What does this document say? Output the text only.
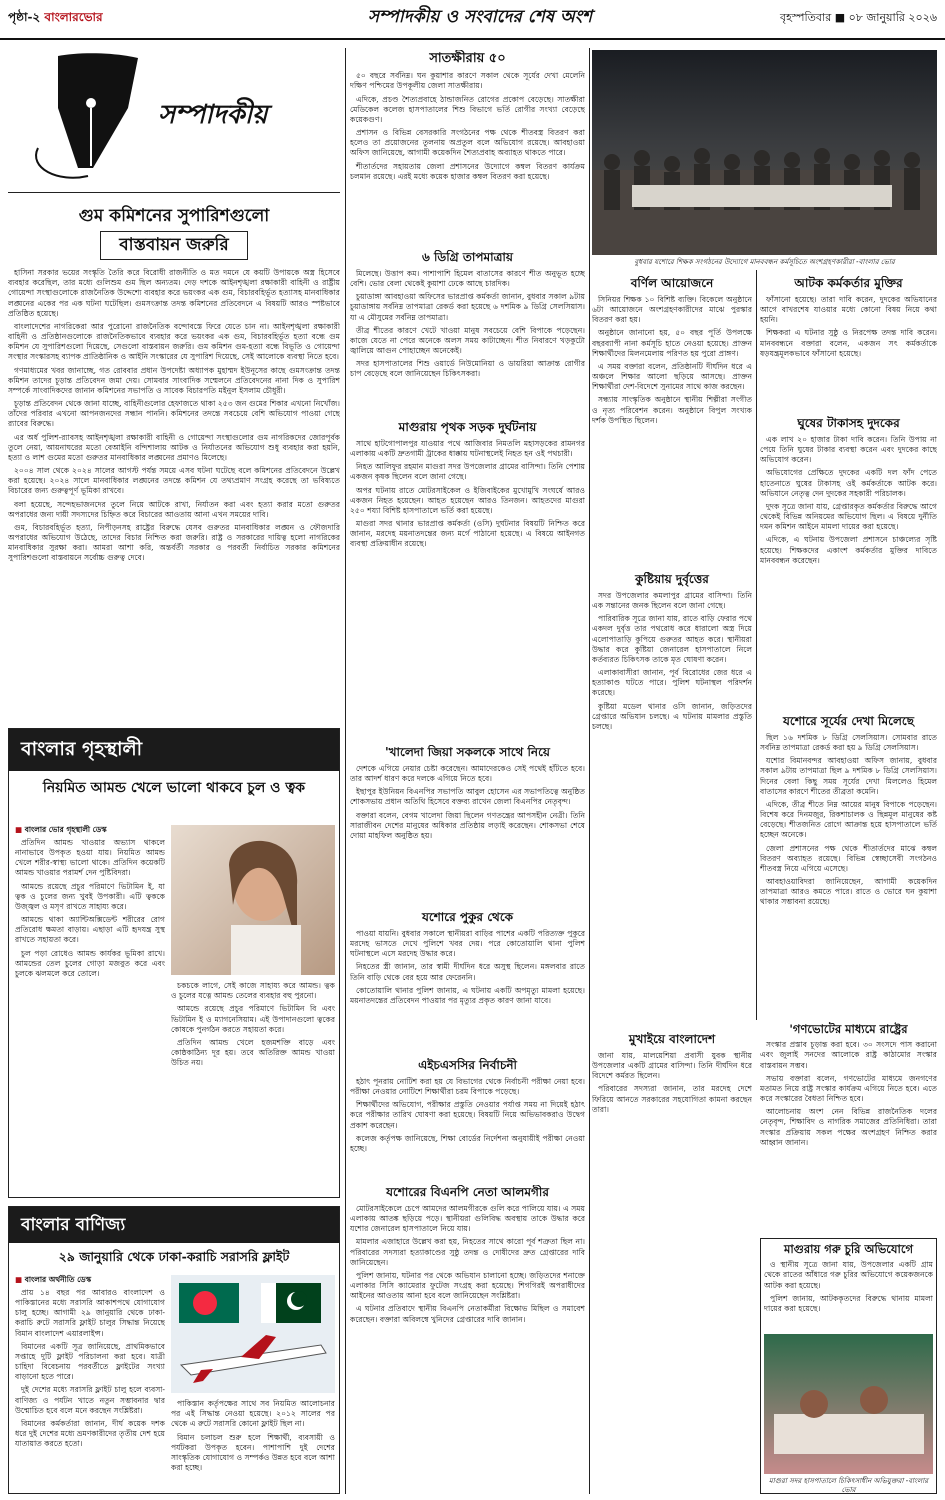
পৃষ্ঠা-২ বাংলারভোর	সম্পাদকীয় ও সংবাদের শেষ অংশ	বৃহস্পতিবার ■ ০৮ জানুয়ারি ২০২৬
সম্পাদকীয়
গুম কমিশনের সুপারিশগুলো
বাস্তবায়ন জরুরি

হাসিনা সরকার ভয়ের সংস্কৃতি তৈরি করে বিরোধী রাজনীতি ও মত দমনে যে কয়টি উপায়কে অস্ত্র হিসেবে ব্যবহার করেছিল, তার মধ্যে গুলিশুম গুম ছিল অন্যতম। দেড় দশকে আইনশৃঙ্খলা রক্ষাকারী বাহিনী ও রাষ্ট্রীয় গোয়েন্দা সংস্থাগুলোকে রাজনৈতিক উদ্দেশ্যে ব্যবহার করে ভয়ংকর এক গুম, বিচারবহির্ভূত হত্যাসহ মানবাধিকার লঙ্ঘনের একের পর এক ঘটনা ঘটেছিল। গুমসংক্রান্ত তদন্ত কমিশনের প্রতিবেদনে এ বিষয়টি আরও স্পষ্টভাবে প্রতিষ্ঠিত হয়েছে।

বাংলাদেশের নাগরিকেরা আর পুরোনো রাজনৈতিক বন্দোবস্তে ফিরে যেতে চান না। আইনশৃঙ্খলা রক্ষাকারী বাহিনী ও প্রতিষ্ঠানগুলোকে রাজনৈতিকভাবে ব্যবহার করে ভয়ংকর এক গুম, বিচারবহির্ভূত হত্যা বন্ধে গুম কমিশন যে সুপারিশগুলো দিয়েছে, সেগুলো বাস্তবায়ন জরুরি। গুম কমিশন গুম-হত্যা বন্ধে বিভূতি ও গোয়েন্দা সংস্থার সংস্কারসহ ব্যাপক প্রাতিষ্ঠানিক ও আইনি সংস্কারের যে সুপারিশ দিয়েছে, সেই আলোকে ব্যবস্থা নিতে হবে।

গণমাধ্যমের খবর জানাচ্ছে, গত রোববার প্রধান উপদেষ্টা অধ্যাপক মুহাম্মদ ইউনূসের কাছে গুমসংক্রান্ত তদন্ত কমিশন তাদের চূড়ান্ত প্রতিবেদন জমা দেয়। সোমবার সাংবাদিক সম্মেলনে প্রতিবেদনের নানা দিক ও সুপারিশ সম্পর্কে সাংবাদিকদের জানান কমিশনের সভাপতি ও সাবেক বিচারপতি মইনুল ইসলাম চৌধুরী।

চূড়ান্ত প্রতিবেদন থেকে জানা যাচ্ছে, বাহিনীগুলোর হেফাজতে থাকা ২৫৩ জন গুমের শিকার এখনো নিখোঁজ। তাঁদের পরিবার এখনো আপনজনদের সন্ধান পাননি। কমিশনের তদন্তে সবচেয়ে বেশি অভিযোগ পাওয়া গেছে র‍্যাবের বিরুদ্ধে।

এর অর্ধ পুলিশ-র‍্যাবসহ আইনশৃঙ্খলা রক্ষাকারী বাহিনী ও গোয়েন্দা সংস্থাগুলোর গুম নাগরিকদের জোরপূর্বক তুলে নেয়া, আয়নাঘরের মতো বেআইনি বন্দিশালায় আটক ও নির্যাতনের অভিযোগ শুধু ব্যবহার করা হয়নি, হত্যা ও লাশ গুমের মতো গুরুতর মানবাধিকার লঙ্ঘনের প্রমাণও মিলেছে।

২০০৪ সাল থেকে ২০২৪ সালের আগস্ট পর্যন্ত সময়ে এসব ঘটনা ঘটেছে বলে কমিশনের প্রতিবেদনে উল্লেখ করা হয়েছে। ২০২৪ সালে মানবাধিকার লঙ্ঘনের তদন্তে কমিশন যে তথ্যপ্রমাণ সংগ্রহ করেছে তা ভবিষ্যতে বিচারের জন্য গুরুত্বপূর্ণ ভূমিকা রাখবে।

বলা হয়েছে, সন্দেহভাজনদের তুলে নিয়ে আটকে রাখা, নির্যাতন করা এবং হত্যা করার মতো গুরুতর অপরাধের জন্য দায়ী সদস্যদের চিহ্নিত করে বিচারের আওতায় আনা এখন সময়ের দাবি।

গুম, বিচারবহির্ভূত হত্যা, নিপীড়নসহ রাষ্ট্রের বিরুদ্ধে যেসব গুরুতর মানবাধিকার লঙ্ঘন ও ফৌজদারি অপরাধের অভিযোগ উঠেছে, তাদের বিচার নিশ্চিত করা জরুরি। রাষ্ট্র ও সরকারের দায়িত্ব হলো নাগরিকের মানবাধিকার সুরক্ষা করা। আমরা আশা করি, অন্তর্বর্তী সরকার ও পরবর্তী নির্বাচিত সরকার কমিশনের সুপারিশগুলো বাস্তবায়নে সর্বোচ্চ গুরুত্ব দেবে।

বাংলার গৃহস্থালী
নিয়মিত আমন্ড খেলে ভালো থাকবে চুল ও ত্বক
■ বাংলার ভোর গৃহস্থালী ডেস্ক

প্রতিদিন আমন্ড খাওয়ার অভ্যাস থাকলে নানাভাবে উপকৃত হওয়া যায়। নিয়মিত আমন্ড খেলে শরীর-স্বাস্থ্য ভালো থাকে। প্রতিদিন কয়েকটি আমন্ড খাওয়ার পরামর্শ দেন পুষ্টিবিদরা।

আমন্ডে রয়েছে প্রচুর পরিমাণে ভিটামিন ই, যা ত্বক ও চুলের জন্য খুবই উপকারী। এটি ত্বককে উজ্জ্বল ও মসৃণ রাখতে সাহায্য করে।

আমন্ডে থাকা অ্যান্টিঅক্সিডেন্ট শরীরের রোগ প্রতিরোধ ক্ষমতা বাড়ায়। এছাড়া এটি হৃদযন্ত্র সুস্থ রাখতে সহায়তা করে।

চুল পড়া রোধেও আমন্ড কার্যকর ভূমিকা রাখে। আমন্ডের তেল চুলের গোড়া মজবুত করে এবং চুলকে ঝলমলে করে তোলে।

চকচকে লাগে, সেই কাজে সাহায্য করে আমন্ড। ত্বক ও চুলের যত্নে আমন্ড তেলের ব্যবহার বহু পুরনো।

আমন্ডে রয়েছে প্রচুর পরিমাণে ভিটামিন বি এবং ভিটামিন ই ও ম্যাগনেসিয়াম। এই উপাদানগুলো ত্বকের কোষকে পুনর্গঠন করতে সহায়তা করে।

প্রতিদিন আমন্ড খেলে হজমশক্তি বাড়ে এবং কোষ্ঠকাঠিন্য দূর হয়। তবে অতিরিক্ত আমন্ড খাওয়া উচিত নয়।

বাংলার বাণিজ্য
২৯ জানুয়ারি থেকে ঢাকা-করাচি সরাসরি ফ্লাইট
■ বাংলার অর্থনীতি ডেস্ক

প্রায় ১৪ বছর পর আবারও বাংলাদেশ ও পাকিস্তানের মধ্যে সরাসরি আকাশপথে যোগাযোগ চালু হচ্ছে। আগামী ২৯ জানুয়ারি থেকে ঢাকা-করাচি রুটে সরাসরি ফ্লাইট চালুর সিদ্ধান্ত নিয়েছে বিমান বাংলাদেশ এয়ারলাইন্স।

বিমানের একটি সূত্র জানিয়েছে, প্রাথমিকভাবে সপ্তাহে দুটি ফ্লাইট পরিচালনা করা হবে। যাত্রী চাহিদা বিবেচনায় পরবর্তীতে ফ্লাইটের সংখ্যা বাড়ানো হতে পারে।

দুই দেশের মধ্যে সরাসরি ফ্লাইট চালু হলে ব্যবসা-বাণিজ্য ও পর্যটন খাতে নতুন সম্ভাবনার দ্বার উন্মোচিত হবে বলে মনে করছেন সংশ্লিষ্টরা।

বিমানের কর্মকর্তারা জানান, দীর্ঘ কয়েক দশক ধরে দুই দেশের মধ্যে ভ্রমণকারীদের তৃতীয় দেশ হয়ে যাতায়াত করতে হতো।

পাকিস্তান কর্তৃপক্ষের সাথে সব নিয়মিত আলোচনার পর এই সিদ্ধান্ত নেওয়া হয়েছে। ২০১২ সালের পর থেকে এ রুটে সরাসরি কোনো ফ্লাইট ছিল না।

বিমান চলাচল শুরু হলে শিক্ষার্থী, ব্যবসায়ী ও পর্যটকরা উপকৃত হবেন। পাশাপাশি দুই দেশের সাংস্কৃতিক যোগাযোগ ও সম্পর্কও উন্নত হবে বলে আশা করা হচ্ছে।

সাতক্ষীরায় ৫০

৫০ বছরে সর্বনিম্ন। ঘন কুয়াশার কারণে সকাল থেকে সূর্যের দেখা মেলেনি দক্ষিণ পশ্চিমের উপকূলীয় জেলা সাতক্ষীরায়।

এদিকে, প্রচণ্ড শৈত্যপ্রবাহে ঠান্ডাজনিত রোগের প্রকোপ বেড়েছে। সাতক্ষীরা মেডিকেল কলেজ হাসপাতালের শিশু বিভাগে ভর্তি রোগীর সংখ্যা বেড়েছে কয়েকগুণ।

প্রশাসন ও বিভিন্ন বেসরকারি সংগঠনের পক্ষ থেকে শীতবস্ত্র বিতরণ করা হলেও তা প্রয়োজনের তুলনায় অপ্রতুল বলে অভিযোগ রয়েছে। আবহাওয়া অফিস জানিয়েছে, আগামী কয়েকদিন শৈত্যপ্রবাহ অব্যাহত থাকতে পারে।

শীতার্তদের সহায়তায় জেলা প্রশাসনের উদ্যোগে কম্বল বিতরণ কার্যক্রম চলমান রয়েছে। এরই মধ্যে কয়েক হাজার কম্বল বিতরণ করা হয়েছে।

৬ ডিগ্রি তাপমাত্রায়

মিলেছে। উত্তাপ কম। পাশাপাশি হিমেল বাতাসের কারণে শীত অনুভূত হচ্ছে বেশি। ভোর বেলা থেকেই কুয়াশা ঢেকে আছে চারদিক।

চুয়াডাঙ্গা আবহাওয়া অফিসের ভারপ্রাপ্ত কর্মকর্তা জানান, বুধবার সকাল ৯টায় চুয়াডাঙ্গায় সর্বনিম্ন তাপমাত্রা রেকর্ড করা হয়েছে ৬ দশমিক ৯ ডিগ্রি সেলসিয়াস। যা এ মৌসুমের সর্বনিম্ন তাপমাত্রা।

তীব্র শীতের কারণে খেটে খাওয়া মানুষ সবচেয়ে বেশি বিপাকে পড়েছেন। কাজে যেতে না পেরে অনেকে অলস সময় কাটাচ্ছেন। শীত নিবারণে খড়কুটো জ্বালিয়ে আগুন পোহাচ্ছেন অনেকেই।

সদর হাসপাতালের শিশু ওয়ার্ডে নিউমোনিয়া ও ডায়রিয়া আক্রান্ত রোগীর চাপ বেড়েছে বলে জানিয়েছেন চিকিৎসকরা।

মাগুরায় পৃথক সড়ক দুর্ঘটনায়

সাথে হাটগোপালপুর যাওয়ার পথে আজিবার নিমতলি মহাসড়কের রামনগর এলাকায় একটি দ্রুতগামী ট্রাকের ধাক্কায় ঘটনাস্থলেই নিহত হন ওই পথচারী।

নিহত আলিফুর রহমান মাগুরা সদর উপজেলার গ্রামের বাসিন্দা। তিনি পেশায় একজন কৃষক ছিলেন বলে জানা গেছে।

অপর ঘটনায় রাতে মোটরসাইকেল ও ইজিবাইকের মুখোমুখি সংঘর্ষে আরও একজন নিহত হয়েছেন। আহত হয়েছেন আরও তিনজন। আহতদের মাগুরা ২৫০ শয্যা বিশিষ্ট হাসপাতালে ভর্তি করা হয়েছে।

মাগুরা সদর থানার ভারপ্রাপ্ত কর্মকর্তা (ওসি) দুর্ঘটনার বিষয়টি নিশ্চিত করে জানান, মরদেহ ময়নাতদন্তের জন্য মর্গে পাঠানো হয়েছে। এ বিষয়ে আইনগত ব্যবস্থা প্রক্রিয়াধীন রয়েছে।

'খালেদা জিয়া সকলকে সাথে নিয়ে

দেশকে এগিয়ে নেয়ার চেষ্টা করেছেন। আমাদেরকেও সেই পথেই হাঁটতে হবে। তার আদর্শ ধারণ করে দলকে এগিয়ে নিতে হবে।

ইছাপুর ইউনিয়ন বিএনপির সভাপতি আবুল হোসেন এর সভাপতিত্বে অনুষ্ঠিত শোকসভায় প্রধান অতিথি হিসেবে বক্তব্য রাখেন জেলা বিএনপির নেতৃবৃন্দ।

বক্তারা বলেন, বেগম খালেদা জিয়া ছিলেন গণতন্ত্রের আপসহীন নেত্রী। তিনি সারাজীবন দেশের মানুষের অধিকার প্রতিষ্ঠায় লড়াই করেছেন। শোকসভা শেষে দোয়া মাহফিল অনুষ্ঠিত হয়।

যশোরে পুকুর থেকে

পাওয়া যায়নি। বুধবার সকালে স্থানীয়রা বাড়ির পাশের একটি পরিত্যক্ত পুকুরে মরদেহ ভাসতে দেখে পুলিশে খবর দেয়। পরে কোতোয়ালি থানা পুলিশ ঘটনাস্থলে এসে মরদেহ উদ্ধার করে।

নিহতের স্ত্রী জানান, তার স্বামী দীর্ঘদিন ধরে অসুস্থ ছিলেন। মঙ্গলবার রাতে তিনি বাড়ি থেকে বের হয়ে আর ফেরেননি।

কোতোয়ালি থানার পুলিশ জানায়, এ ঘটনায় একটি অপমৃত্যু মামলা হয়েছে। ময়নাতদন্তের প্রতিবেদন পাওয়ার পর মৃত্যুর প্রকৃত কারণ জানা যাবে।

এইচএসসির নির্বাচনী

হঠাৎ পূনরায় নোটিশ করা হয় যে বিভাগের থেকে নির্বাচনী পরীক্ষা নেয়া হবে। পরীক্ষা নেওয়ার নোটিশে শিক্ষার্থীরা চরম বিপাকে পড়েছে।

শিক্ষার্থীদের অভিযোগ, পরীক্ষার প্রস্তুতি নেওয়ার পর্যাপ্ত সময় না দিয়েই হঠাৎ করে পরীক্ষার তারিখ ঘোষণা করা হয়েছে। বিষয়টি নিয়ে অভিভাবকরাও উদ্বেগ প্রকাশ করেছেন।

কলেজ কর্তৃপক্ষ জানিয়েছে, শিক্ষা বোর্ডের নির্দেশনা অনুযায়ীই পরীক্ষা নেওয়া হচ্ছে।

যশোরের বিএনপি নেতা আলমগীর

মোটরসাইকেলে চেপে আমদের আলমগীরকে গুলি করে পালিয়ে যায়। এ সময় এলাকায় আতঙ্ক ছড়িয়ে পড়ে। স্থানীয়রা গুলিবিদ্ধ অবস্থায় তাকে উদ্ধার করে যশোর জেনারেল হাসপাতালে নিয়ে যায়।

মামলার এজাহারে উল্লেখ করা হয়, নিহতের সাথে কারো পূর্ব শত্রুতা ছিল না। পরিবারের সদস্যরা হত্যাকাণ্ডের সুষ্ঠু তদন্ত ও দোষীদের দ্রুত গ্রেপ্তারের দাবি জানিয়েছেন।

পুলিশ জানায়, ঘটনার পর থেকে অভিযান চালানো হচ্ছে। জড়িতদের শনাক্তে এলাকার সিসি ক্যামেরার ফুটেজ সংগ্রহ করা হয়েছে। শিগগিরই অপরাধীদের আইনের আওতায় আনা হবে বলে জানিয়েছেন সংশ্লিষ্টরা।

এ ঘটনার প্রতিবাদে স্থানীয় বিএনপি নেতাকর্মীরা বিক্ষোভ মিছিল ও সমাবেশ করেছেন। বক্তারা অবিলম্বে খুনিদের গ্রেপ্তারের দাবি জানান।

বুধবার যশোরে শিক্ষক সংগঠনের উদ্যোগে মানববন্ধন কর্মসূচিতে অংশগ্রহণকারীরা -বাংলার ভোর
বর্ণিল আয়োজনে

সিনিয়র শিক্ষক ১০ বিশিষ্ট ব্যক্তি। বিকেলে অনুষ্ঠানে ৬টা আয়োজনে অংশগ্রহণকারীদের মাঝে পুরস্কার বিতরণ করা হয়।

অনুষ্ঠানে জানানো হয়, ৫০ বছর পূর্তি উপলক্ষে বছরব্যাপী নানা কর্মসূচি হাতে নেওয়া হয়েছে। প্রাক্তন শিক্ষার্থীদের মিলনমেলায় পরিণত হয় পুরো প্রাঙ্গণ।

এ সময় বক্তারা বলেন, প্রতিষ্ঠানটি দীর্ঘদিন ধরে এ অঞ্চলে শিক্ষার আলো ছড়িয়ে আসছে। প্রাক্তন শিক্ষার্থীরা দেশ-বিদেশে সুনামের সাথে কাজ করছেন।

সন্ধ্যায় সাংস্কৃতিক অনুষ্ঠানে স্থানীয় শিল্পীরা সংগীত ও নৃত্য পরিবেশন করেন। অনুষ্ঠানে বিপুল সংখ্যক দর্শক উপস্থিত ছিলেন।

কুষ্টিয়ায় দুর্বৃত্তের

সদর উপজেলার কমলাপুর গ্রামের বাসিন্দা। তিনি এক সন্তানের জনক ছিলেন বলে জানা গেছে।

পারিবারিক সূত্রে জানা যায়, রাতে বাড়ি ফেরার পথে একদল দুর্বৃত্ত তার পথরোধ করে ধারালো অস্ত্র দিয়ে এলোপাতাড়ি কুপিয়ে গুরুতর আহত করে। স্থানীয়রা উদ্ধার করে কুষ্টিয়া জেনারেল হাসপাতালে নিলে কর্তব্যরত চিকিৎসক তাকে মৃত ঘোষণা করেন।

এলাকাবাসীরা জানান, পূর্ব বিরোধের জের ধরে এ হত্যাকাণ্ড ঘটতে পারে। পুলিশ ঘটনাস্থল পরিদর্শন করেছে।

কুষ্টিয়া মডেল থানার ওসি জানান, জড়িতদের গ্রেপ্তারে অভিযান চলছে। এ ঘটনায় মামলার প্রস্তুতি চলছে।

মুখাইয়ে বাংলাদেশ

জানা যায়, মালয়েশিয়া প্রবাসী যুবক স্থানীয় উপজেলার একটি গ্রামের বাসিন্দা। তিনি দীর্ঘদিন ধরে বিদেশে কর্মরত ছিলেন।

পরিবারের সদস্যরা জানান, তার মরদেহ দেশে ফিরিয়ে আনতে সরকারের সহযোগিতা কামনা করছেন তারা।

আটক কর্মকর্তার মুক্তির

ফাঁসানো হয়েছে। তারা দাবি করেন, দুদকের অভিযানের আগে বাখরশেষ যাওয়ার মধ্যে কোনো বিষয় নিয়ে কথা হয়নি।

শিক্ষকরা এ ঘটনার সুষ্ঠু ও নিরপেক্ষ তদন্ত দাবি করেন। মানববন্ধনে বক্তারা বলেন, একজন সৎ কর্মকর্তাকে ষড়যন্ত্রমূলকভাবে ফাঁসানো হয়েছে।

ঘুষের টাকাসহ দুদকের

এক লাখ ২০ হাজার টাকা দাবি করেন। তিনি উপায় না পেয়ে তিনি ঘুষের টাকার ব্যবস্থা করেন এবং দুদকের কাছে অভিযোগ করেন।

অভিযোগের প্রেক্ষিতে দুদকের একটি দল ফাঁদ পেতে হাতেনাতে ঘুষের টাকাসহ ওই কর্মকর্তাকে আটক করে। অভিযানে নেতৃত্ব দেন দুদকের সহকারী পরিচালক।

দুদক সূত্রে জানা যায়, গ্রেপ্তারকৃত কর্মকর্তার বিরুদ্ধে আগে থেকেই বিভিন্ন অনিয়মের অভিযোগ ছিল। এ বিষয়ে দুর্নীতি দমন কমিশন আইনে মামলা দায়ের করা হয়েছে।

এদিকে, এ ঘটনায় উপজেলা প্রশাসনে চাঞ্চল্যের সৃষ্টি হয়েছে। শিক্ষকদের একাংশ কর্মকর্তার মুক্তির দাবিতে মানববন্ধন করেছেন।

যশোরে সূর্যের দেখা মিলেছে

ছিল ১৬ দশমিক ৮ ডিগ্রি সেলসিয়াস। সোমবার রাতে সর্বনিম্ন তাপমাত্রা রেকর্ড করা হয় ৯ ডিগ্রি সেলসিয়াস।

যশোর বিমানবন্দর আবহাওয়া অফিস জানায়, বুধবার সকাল ৯টায় তাপমাত্রা ছিল ৯ দশমিক ৮ ডিগ্রি সেলসিয়াস। দিনের বেলা কিছু সময় সূর্যের দেখা মিললেও হিমেল বাতাসের কারণে শীতের তীব্রতা কমেনি।

এদিকে, তীব্র শীতে নিম্ন আয়ের মানুষ বিপাকে পড়েছেন। বিশেষ করে দিনমজুর, রিকশাচালক ও ছিন্নমূল মানুষের কষ্ট বেড়েছে। শীতজনিত রোগে আক্রান্ত হয়ে হাসপাতালে ভর্তি হচ্ছেন অনেকে।

জেলা প্রশাসনের পক্ষ থেকে শীতার্তদের মাঝে কম্বল বিতরণ অব্যাহত রয়েছে। বিভিন্ন স্বেচ্ছাসেবী সংগঠনও শীতবস্ত্র নিয়ে এগিয়ে এসেছে।

আবহাওয়াবিদরা জানিয়েছেন, আগামী কয়েকদিন তাপমাত্রা আরও কমতে পারে। রাতে ও ভোরে ঘন কুয়াশা থাকার সম্ভাবনা রয়েছে।

'গণভোটের মাধ্যমে রাষ্ট্রের

সংস্কার প্রস্তাব চূড়ান্ত করা হবে। ৩০ সংসদে পাস করানো এবং জুলাই সনদের আলোকে রাষ্ট্র কাঠামোর সংস্কার বাস্তবায়ন সম্ভব।

সভায় বক্তারা বলেন, গণভোটের মাধ্যমে জনগণের মতামত নিয়ে রাষ্ট্র সংস্কার কার্যক্রম এগিয়ে নিতে হবে। এতে করে সংস্কারের বৈধতা নিশ্চিত হবে।

আলোচনায় অংশ নেন বিভিন্ন রাজনৈতিক দলের নেতৃবৃন্দ, শিক্ষাবিদ ও নাগরিক সমাজের প্রতিনিধিরা। তারা সংস্কার প্রক্রিয়ায় সকল পক্ষের অংশগ্রহণ নিশ্চিত করার আহ্বান জানান।

মাগুরায় গরু চুরি অভিযোগে

ও স্থানীয় সূত্রে জানা যায়, উপজেলার একটি গ্রাম থেকে রাতের আঁধারে গরু চুরির অভিযোগে কয়েকজনকে আটক করা হয়েছে।

পুলিশ জানায়, আটককৃতদের বিরুদ্ধে থানায় মামলা দায়ের করা হয়েছে।

মাগুরা সদর হাসপাতালে চিকিৎসাধীন অভিযুক্তরা -বাংলার ভোর
